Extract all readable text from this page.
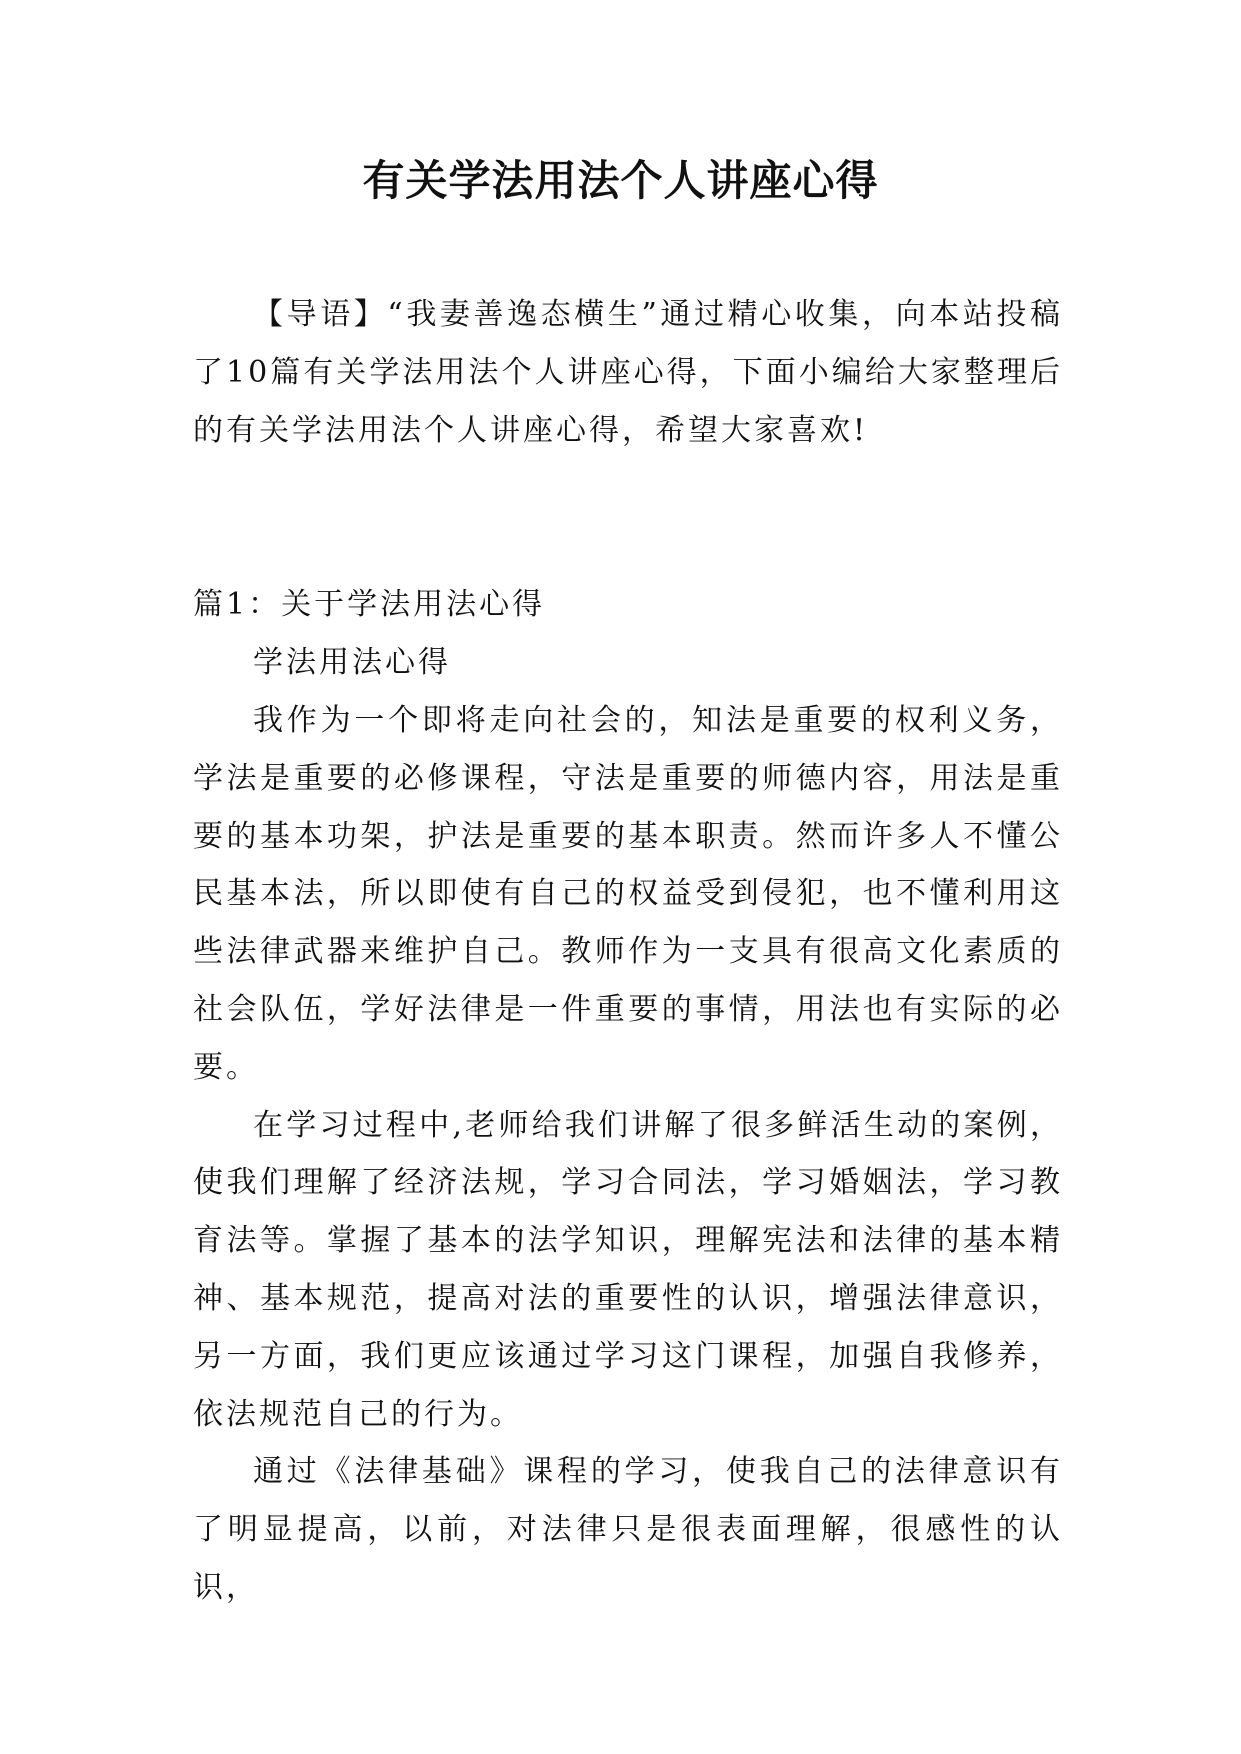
有关学法用法个人讲座心得

【导语】“我妻善逸态横生”通过精心收集，向本站投稿了10篇有关学法用法个人讲座心得，下面小编给大家整理后的有关学法用法个人讲座心得，希望大家喜欢!

篇1：关于学法用法心得

学法用法心得

我作为一个即将走向社会的，知法是重要的权利义务，学法是重要的必修课程，守法是重要的师德内容，用法是重要的基本功架，护法是重要的基本职责。然而许多人不懂公民基本法，所以即使有自己的权益受到侵犯，也不懂利用这些法律武器来维护自己。教师作为一支具有很高文化素质的社会队伍，学好法律是一件重要的事情，用法也有实际的必要。

在学习过程中,老师给我们讲解了很多鲜活生动的案例，使我们理解了经济法规，学习合同法，学习婚姻法，学习教育法等。掌握了基本的法学知识，理解宪法和法律的基本精神、基本规范，提高对法的重要性的认识，增强法律意识，另一方面，我们更应该通过学习这门课程，加强自我修养，依法规范自己的行为。

通过《法律基础》课程的学习，使我自己的法律意识有了明显提高，以前，对法律只是很表面理解，很感性的认识，
